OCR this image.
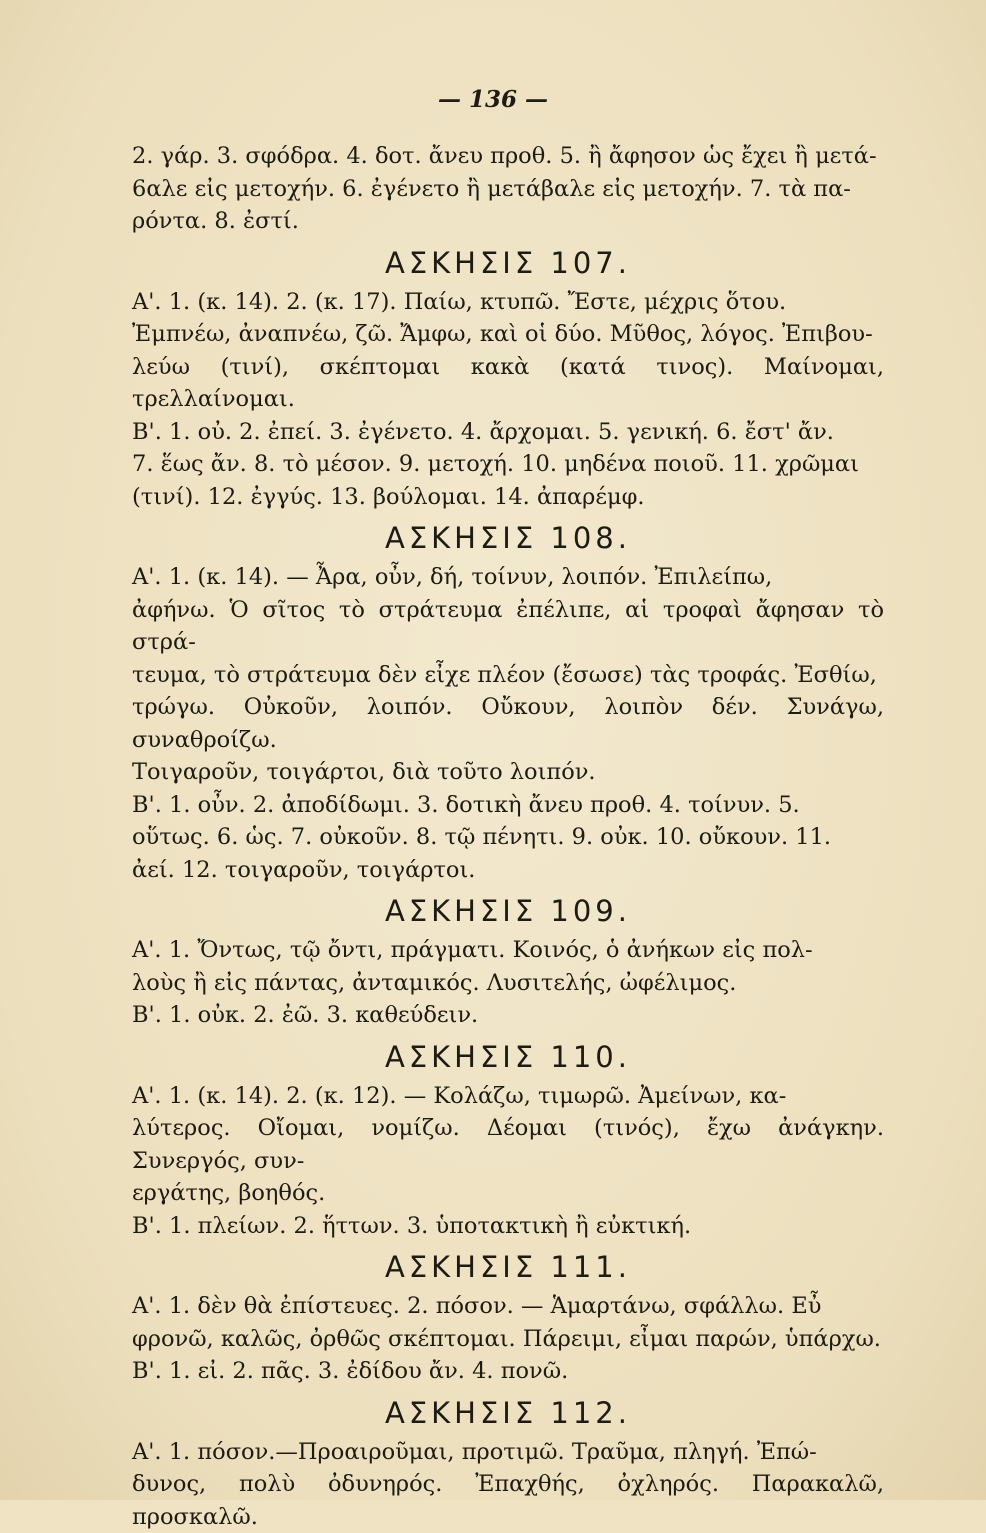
— 136 —

2. γάρ. 3. σφόδρα. 4. δοτ. ἄνευ προθ. 5. ἢ ἄφησον ὡς ἔχει ἢ μετά-

6αλε εἰς μετοχήν. 6. ἐγένετο ἢ μετάβαλε εἰς μετοχήν. 7. τὰ πα-

ρόντα. 8. ἐστί.

ΑΣΚΗΣΙΣ 107.

Α'. 1. (κ. 14). 2. (κ. 17). Παίω, κτυπῶ. Ἔστε, μέχρις ὅτου.

Ἐμπνέω, ἀναπνέω, ζῶ. Ἄμφω, καὶ οἱ δύο. Μῦθος, λόγος. Ἐπιβου-

λεύω (τινί), σκέπτομαι κακὰ (κατά τινος). Μαίνομαι, τρελλαίνομαι.

Β'. 1. οὐ. 2. ἐπεί. 3. ἐγένετο. 4. ἄρχομαι. 5. γενική. 6. ἔστ' ἄν.

7. ἕως ἄν. 8. τὸ μέσον. 9. μετοχή. 10. μηδένα ποιοῦ. 11. χρῶμαι

(τινί). 12. ἐγγύς. 13. βούλομαι. 14. ἀπαρέμφ.

ΑΣΚΗΣΙΣ 108.

Α'. 1. (κ. 14). — Ἆρα, οὖν, δή, τοίνυν, λοιπόν. Ἐπιλείπω,

ἀφήνω. Ὁ σῖτος τὸ στράτευμα ἐπέλιπε, αἱ τροφαὶ ἄφησαν τὸ στρά-

τευμα, τὸ στράτευμα δὲν εἶχε πλέον (ἔσωσε) τὰς τροφάς. Ἐσθίω,

τρώγω. Οὐκοῦν, λοιπόν. Οὔκουν, λοιπὸν δέν. Συνάγω, συναθροίζω.

Τοιγαροῦν, τοιγάρτοι, διὰ τοῦτο λοιπόν.

Β'. 1. οὖν. 2. ἀποδίδωμι. 3. δοτικὴ ἄνευ προθ. 4. τοίνυν. 5.

οὕτως. 6. ὡς. 7. οὐκοῦν. 8. τῷ πένητι. 9. οὐκ. 10. οὔκουν. 11.

ἀεί. 12. τοιγαροῦν, τοιγάρτοι.

ΑΣΚΗΣΙΣ 109.

Α'. 1. Ὄντως, τῷ ὄντι, πράγματι. Κοινός, ὁ ἀνήκων εἰς πολ-

λοὺς ἢ εἰς πάντας, ἀνταμικός. Λυσιτελής, ὠφέλιμος.

Β'. 1. οὐκ. 2. ἐῶ. 3. καθεύδειν.

ΑΣΚΗΣΙΣ 110.

Α'. 1. (κ. 14). 2. (κ. 12). — Κολάζω, τιμωρῶ. Ἀμείνων, κα-

λύτερος. Οἴομαι, νομίζω. Δέομαι (τινός), ἔχω ἀνάγκην. Συνεργός, συν-

εργάτης, βοηθός.

Β'. 1. πλείων. 2. ἥττων. 3. ὑποτακτικὴ ἢ εὐκτική.

ΑΣΚΗΣΙΣ 111.

Α'. 1. δὲν θὰ ἐπίστευες. 2. πόσον. — Ἁμαρτάνω, σφάλλω. Εὖ

φρονῶ, καλῶς, ὀρθῶς σκέπτομαι. Πάρειμι, εἶμαι παρών, ὑπάρχω.

Β'. 1. εἰ. 2. πᾶς. 3. ἐδίδου ἄν. 4. πονῶ.

ΑΣΚΗΣΙΣ 112.

Α'. 1. πόσον.—Προαιροῦμαι, προτιμῶ. Τραῦμα, πληγή. Ἐπώ-

δυνος, πολὺ ὀδυνηρός. Ἐπαχθής, ὀχληρός. Παρακαλῶ, προσκαλῶ.
